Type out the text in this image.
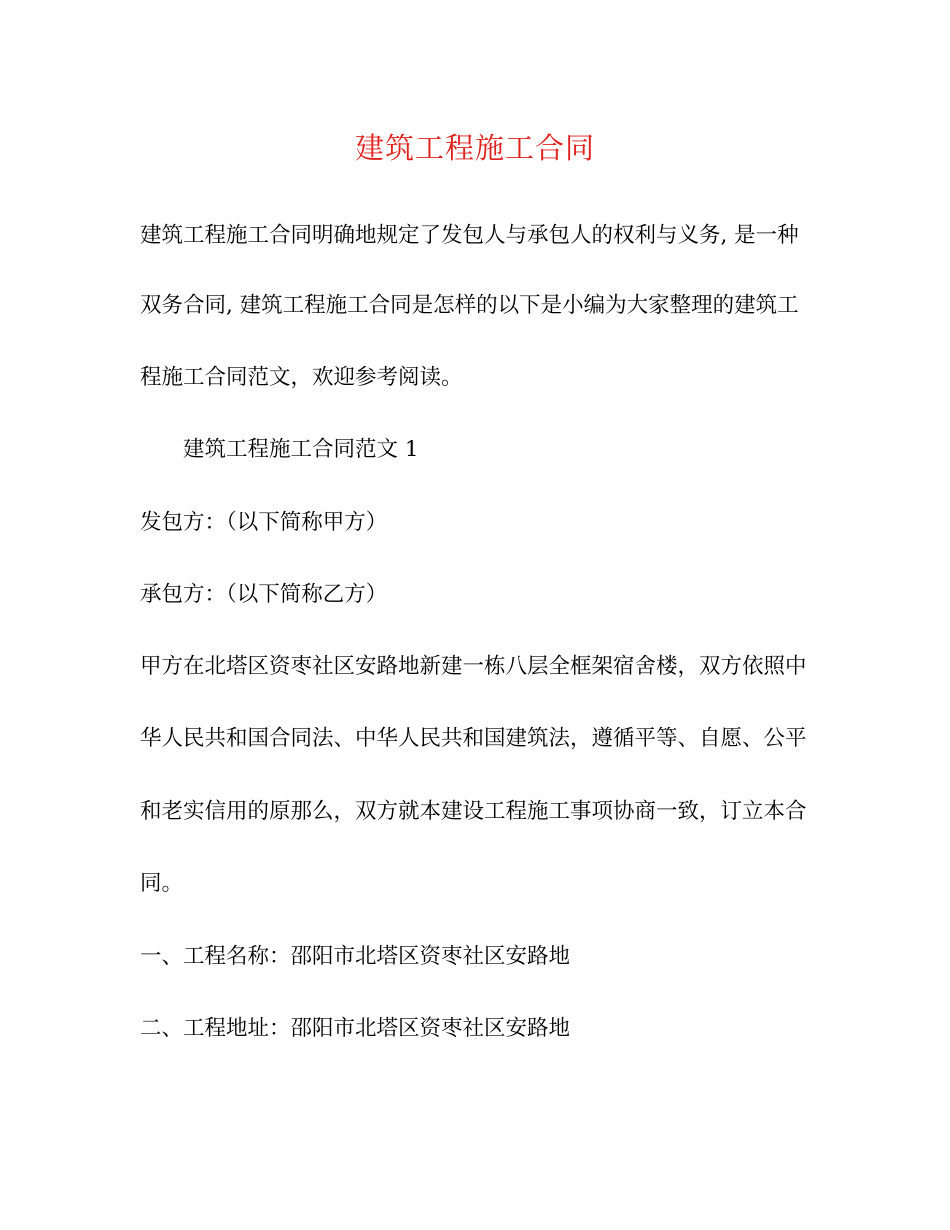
建筑工程施工合同
建筑工程施工合同明确地规定了发包人与承包人的权利与义务, 是一种
双务合同, 建筑工程施工合同是怎样的以下是小编为大家整理的建筑工
程施工合同范文，欢迎参考阅读。
建筑工程施工合同范文 1
发包方：（以下简称甲方）
承包方：（以下简称乙方）
甲方在北塔区资枣社区安路地新建一栋八层全框架宿舍楼，双方依照中
华人民共和国合同法、中华人民共和国建筑法，遵循平等、自愿、公平
和老实信用的原那么，双方就本建设工程施工事项协商一致，订立本合
同。
一、工程名称：邵阳市北塔区资枣社区安路地
二、工程地址：邵阳市北塔区资枣社区安路地
